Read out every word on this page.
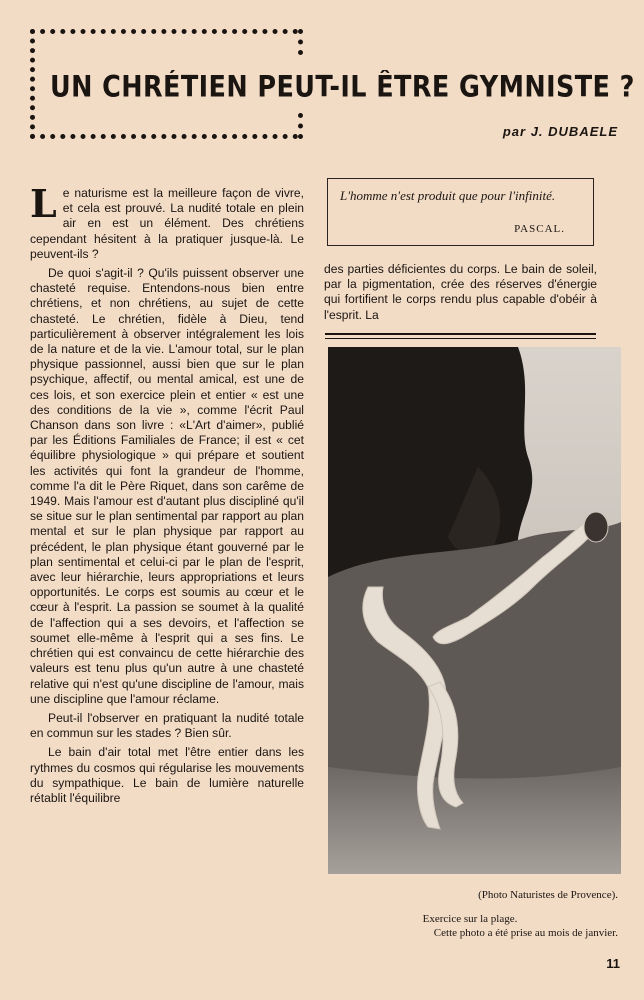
UN CHRÉTIEN PEUT-IL ÊTRE GYMNISTE ?
par J. DUBAELE

Le naturisme est la meilleure façon de vivre, et cela est prouvé. La nudité totale en plein air en est un élément. Des chrétiens cependant hésitent à la pratiquer jusque-là. Le peuvent-ils ?

De quoi s'agit-il ? Qu'ils puissent observer une chasteté requise. Entendons-nous bien entre chrétiens, et non chrétiens, au sujet de cette chasteté. Le chrétien, fidèle à Dieu, tend particulièrement à observer intégralement les lois de la nature et de la vie. L'amour total, sur le plan physique passionnel, aussi bien que sur le plan psychique, affectif, ou mental amical, est une de ces lois, et son exercice plein et entier « est une des conditions de la vie », comme l'écrit Paul Chanson dans son livre : «L'Art d'aimer», publié par les Éditions Familiales de France; il est « cet équilibre physiologique » qui prépare et soutient les activités qui font la grandeur de l'homme, comme l'a dit le Père Riquet, dans son carême de 1949. Mais l'amour est d'autant plus discipliné qu'il se situe sur le plan sentimental par rapport au plan mental et sur le plan physique par rapport au précédent, le plan physique étant gouverné par le plan sentimental et celui-ci par le plan de l'esprit, avec leur hiérarchie, leurs appropriations et leurs opportunités. Le corps est soumis au cœur et le cœur à l'esprit. La passion se soumet à la qualité de l'affection qui a ses devoirs, et l'affection se soumet elle-même à l'esprit qui a ses fins. Le chrétien qui est convaincu de cette hiérarchie des valeurs est tenu plus qu'un autre à une chasteté relative qui n'est qu'une discipline de l'amour, mais une discipline que l'amour réclame.

Peut-il l'observer en pratiquant la nudité totale en commun sur les stades ? Bien sûr.

Le bain d'air total met l'être entier dans les rythmes du cosmos qui régularise les mouvements du sympathique. Le bain de lumière naturelle rétablit l'équilibre

L'homme n'est produit que pour l'infinité.
PASCAL.

des parties déficientes du corps. Le bain de soleil, par la pigmentation, crée des réserves d'énergie qui fortifient le corps rendu plus capable d'obéir à l'esprit. La

(Photo Naturistes de Provence).
Exercice sur la plage.
Cette photo a été prise au mois de janvier.
11
